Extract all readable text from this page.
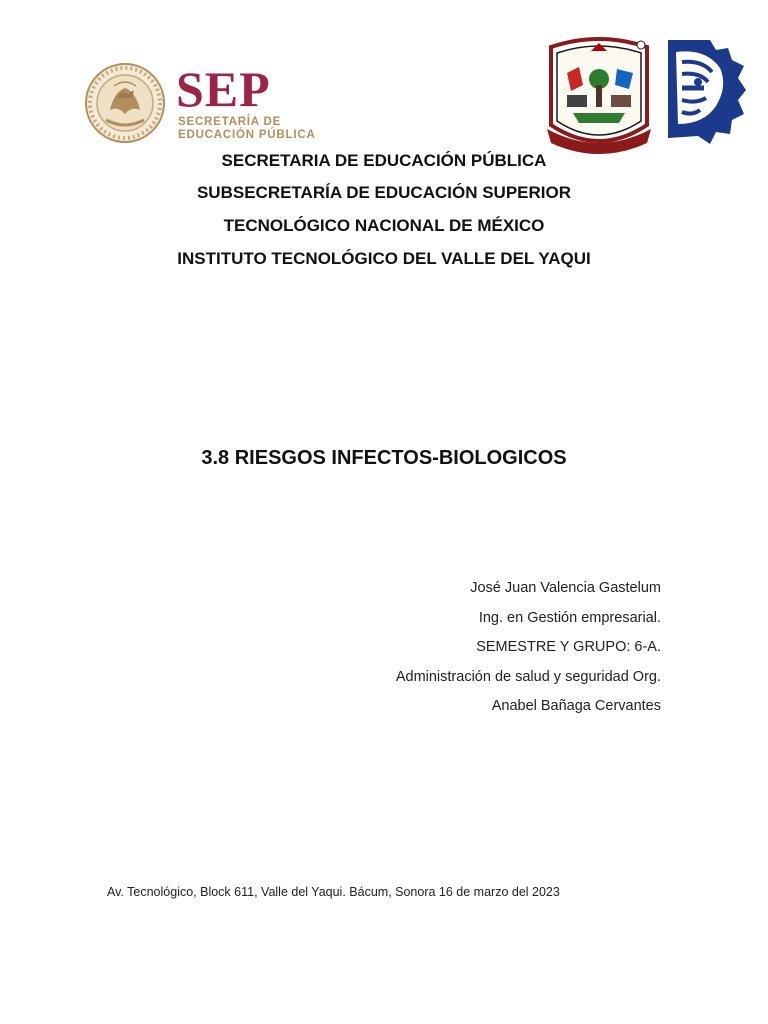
SEP
SECRETARÍA DE
EDUCACIÓN PÚBLICA
SECRETARIA DE EDUCACIÓN PÚBLICA
SUBSECRETARÍA DE EDUCACIÓN SUPERIOR
TECNOLÓGICO NACIONAL DE MÉXICO
INSTITUTO TECNOLÓGICO DEL VALLE DEL YAQUI
3.8 RIESGOS INFECTOS-BIOLOGICOS
José Juan Valencia Gastelum
Ing. en Gestión empresarial.
SEMESTRE Y GRUPO: 6-A.
Administración de salud y seguridad Org.
Anabel Bañaga Cervantes
Av. Tecnológico, Block 611, Valle del Yaqui. Bácum, Sonora 16 de marzo del 2023
